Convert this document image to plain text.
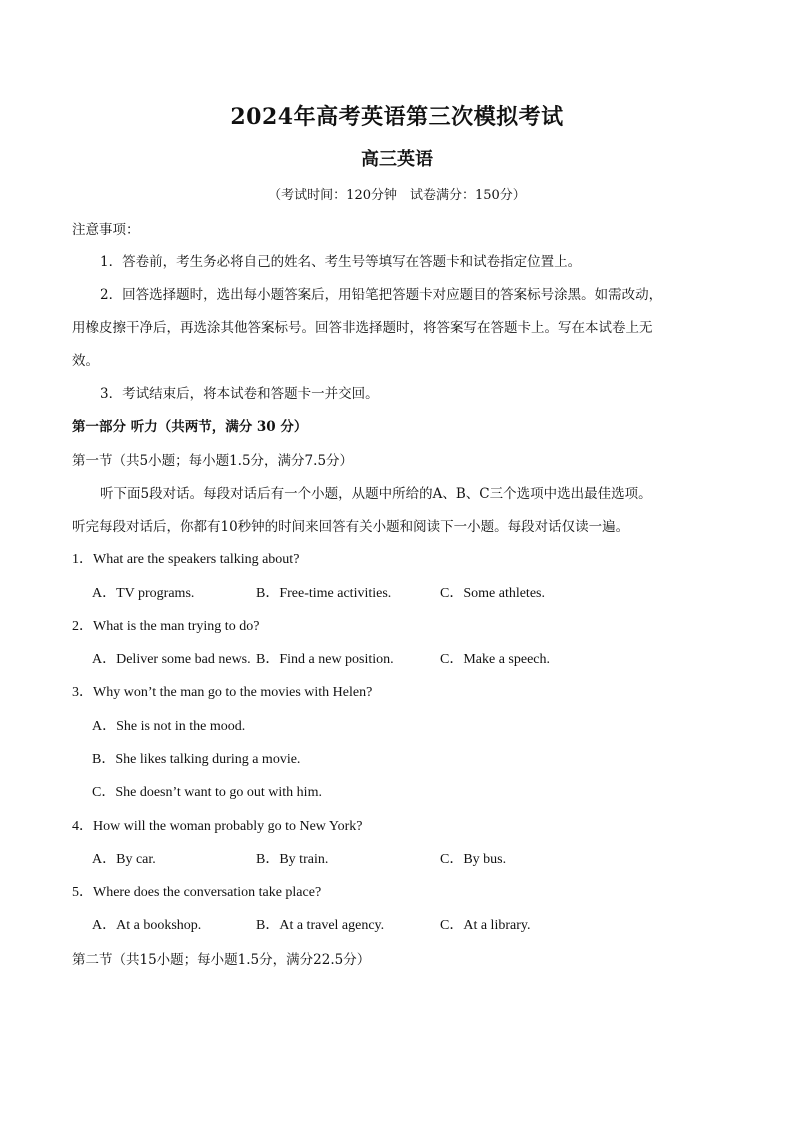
2024年高考英语第三次模拟考试
高三英语
（考试时间：120分钟　试卷满分：150分）
注意事项：
1．答卷前，考生务必将自己的姓名、考生号等填写在答题卡和试卷指定位置上。
2．回答选择题时，选出每小题答案后，用铅笔把答题卡对应题目的答案标号涂黑。如需改动，
用橡皮擦干净后，再选涂其他答案标号。回答非选择题时，将答案写在答题卡上。写在本试卷上无
效。
3．考试结束后，将本试卷和答题卡一并交回。
第一部分 听力（共两节，满分 30 分）
第一节（共5小题；每小题1.5分，满分7.5分）
听下面5段对话。每段对话后有一个小题，从题中所给的A、B、C三个选项中选出最佳选项。
听完每段对话后，你都有10秒钟的时间来回答有关小题和阅读下一小题。每段对话仅读一遍。
1．What are the speakers talking about?
A．TV programs.	B．Free-time activities.	C．Some athletes.
2．What is the man trying to do?
A．Deliver some bad news. B．Find a new position.	C．Make a speech.
3．Why won’t the man go to the movies with Helen?
A．She is not in the mood.
B．She likes talking during a movie.
C．She doesn’t want to go out with him.
4．How will the woman probably go to New York?
A．By car.	B．By train.	C．By bus.
5．Where does the conversation take place?
A．At a bookshop.	B．At a travel agency.	C．At a library.
第二节（共15小题；每小题1.5分，满分22.5分）
